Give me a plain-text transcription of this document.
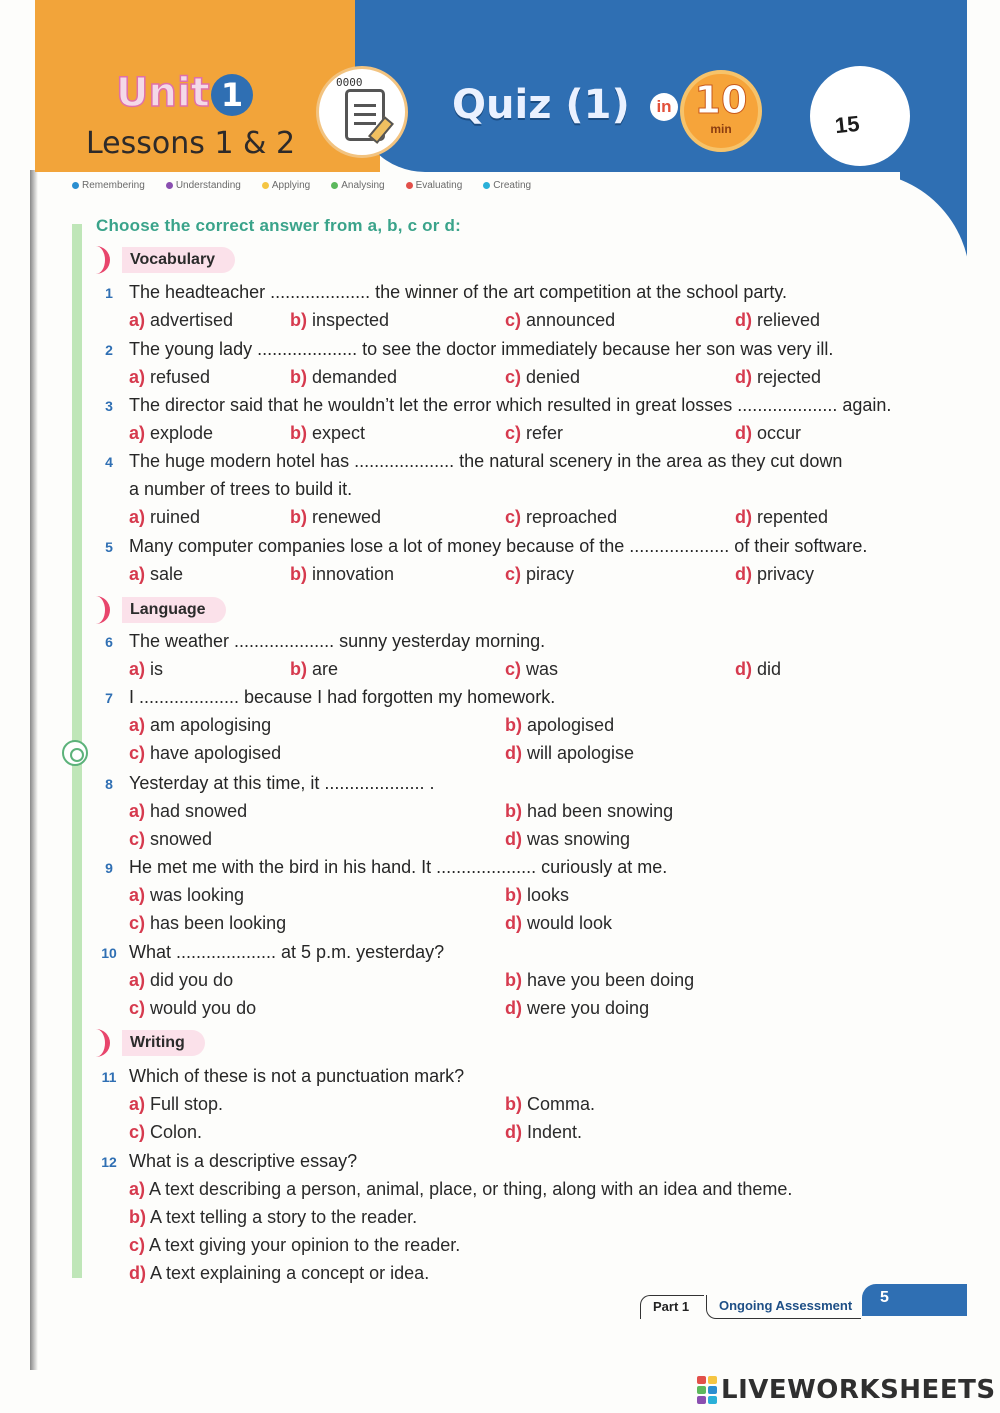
Unit 1
Lessons 1 & 2
0000 Quiz (1)	in 10
min	15
Remembering	Understanding	Applying	Analysing	Evaluating	Creating
Choose the correct answer from a, b, c or d:
Vocabulary
Language
Writing
1 The headteacher .................... the winner of the art competition at the school party.
a) advertised	b) inspected	c) announced	d) relieved
2 The young lady .................... to see the doctor immediately because her son was very ill.
a) refused	b) demanded	c) denied	d) rejected
3 The director said that he wouldn’t let the error which resulted in great losses .................... again.
a) explode	b) expect	c) refer	d) occur
4 The huge modern hotel has .................... the natural scenery in the area as they cut down
a number of trees to build it.
a) ruined	b) renewed	c) reproached	d) repented
5 Many computer companies lose a lot of money because of the .................... of their software.
a) sale	b) innovation	c) piracy	d) privacy
6 The weather .................... sunny yesterday morning.
a) is	b) are	c) was	d) did
7 I .................... because I had forgotten my homework.
a) am apologising	b) apologised
c) have apologised	d) will apologise
8 Yesterday at this time, it .................... .
a) had snowed	b) had been snowing
c) snowed	d) was snowing
9 He met me with the bird in his hand. It .................... curiously at me.
a) was looking	b) looks
c) has been looking	d) would look
10 What .................... at 5 p.m. yesterday?
a) did you do	b) have you been doing
c) would you do	d) were you doing
11 Which of these is not a punctuation mark?
a) Full stop.	b) Comma.
c) Colon.	d) Indent.
12 What is a descriptive essay?
a) A text describing a person, animal, place, or thing, along with an idea and theme.
b) A text telling a story to the reader.
c) A text giving your opinion to the reader.
d) A text explaining a concept or idea.
Part 1	Ongoing Assessment	5
LIVEWORKSHEETS
